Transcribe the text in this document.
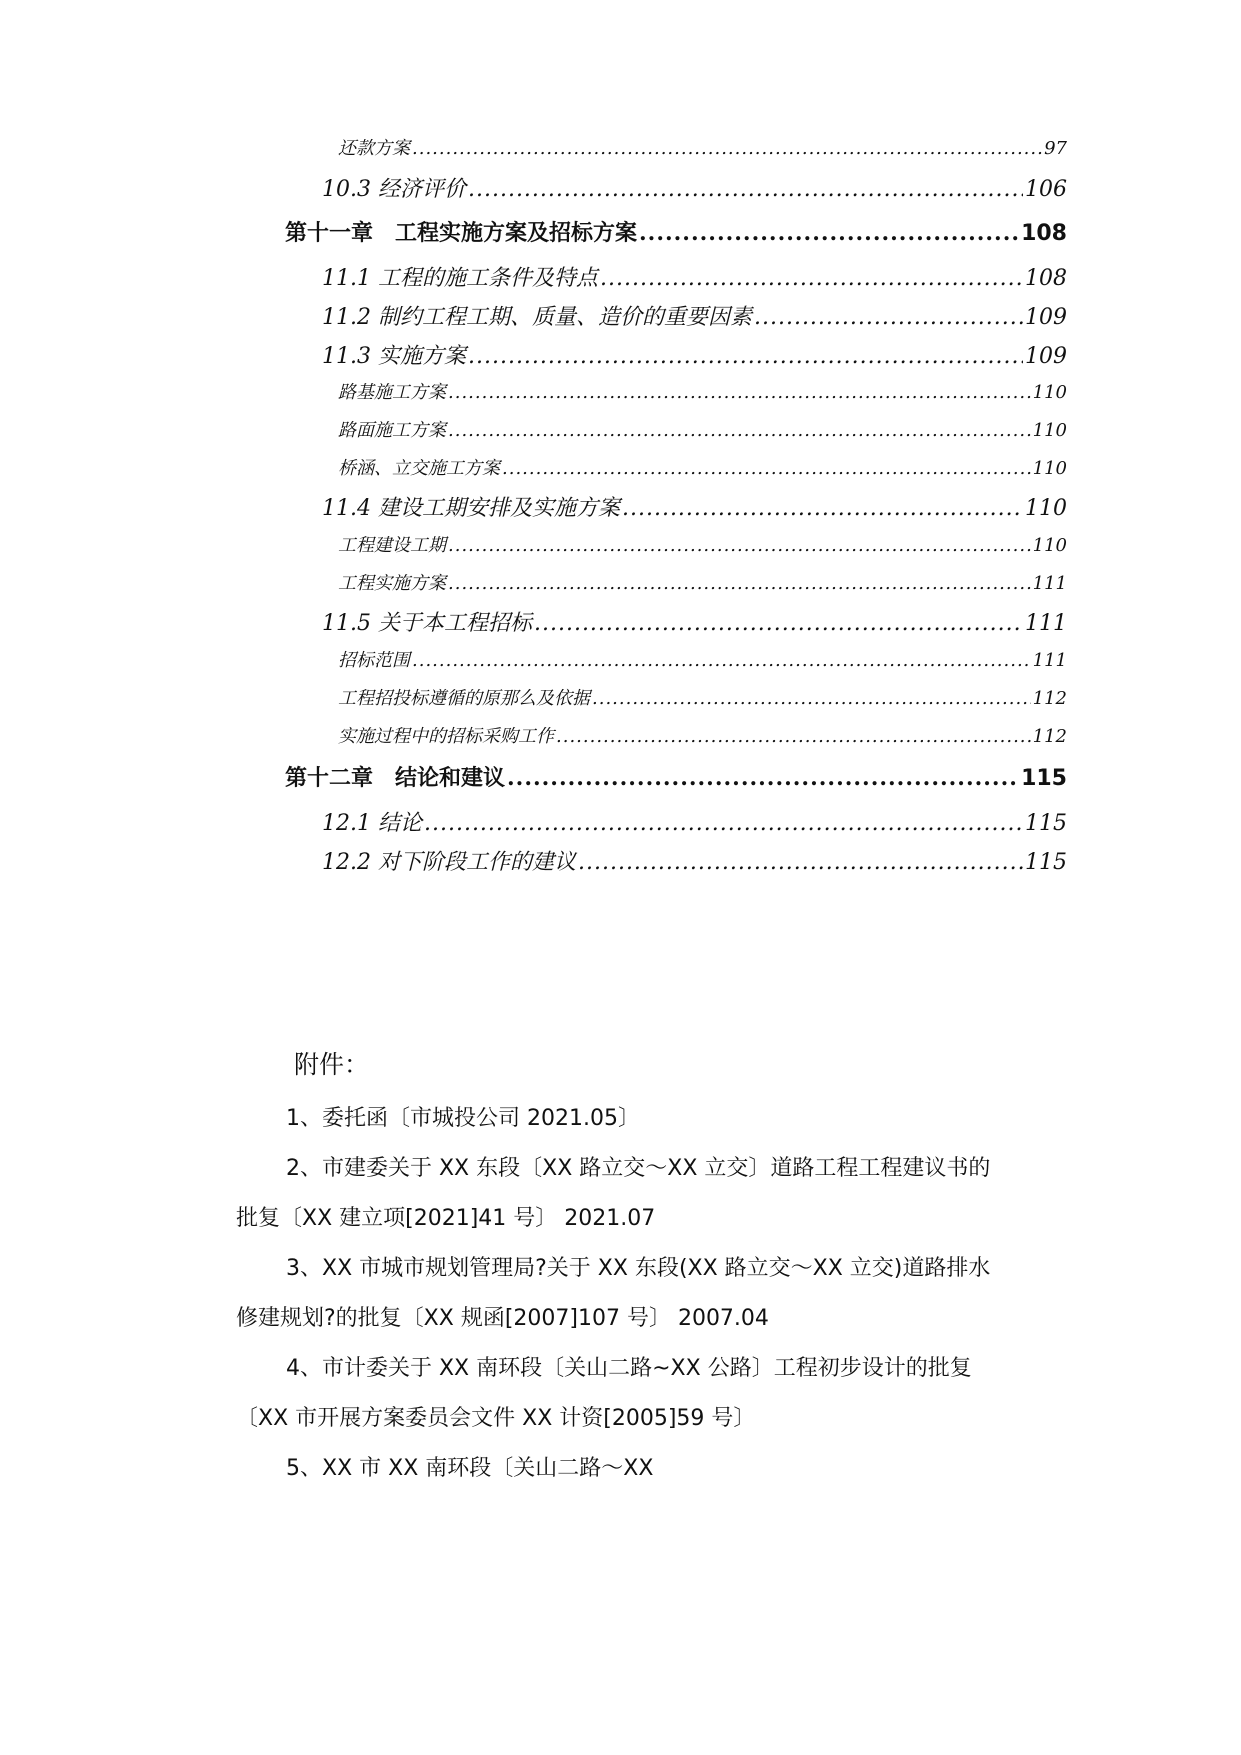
还款方案 .....	97
10.3 经济评价 .....	106
第十一章　工程实施方案及招标方案 .....	108
11.1 工程的施工条件及特点 .....	108
11.2 制约工程工期、质量、造价的重要因素 .....	109
11.3 实施方案 .....	109
路基施工方案 .....	110
路面施工方案 .....	110
桥涵、立交施工方案 .....	110
11.4 建设工期安排及实施方案 .....	110
工程建设工期 .....	110
工程实施方案 .....	111
11.5 关于本工程招标 .....	111
招标范围 .....	111
工程招投标遵循的原那么及依据 .....	112
实施过程中的招标采购工作 .....	112
第十二章　结论和建议 .....	115
12.1 结论 .....	115
12.2 对下阶段工作的建议 .....	115
附件：
1、委托函〔市城投公司 2021.05〕
2、市建委关于 XX 东段〔XX 路立交～XX 立交〕道路工程工程建议书的
批复〔XX 建立项[2021]41 号〕 2021.07
3、XX 市城市规划管理局?关于 XX 东段(XX 路立交～XX 立交)道路排水
修建规划?的批复〔XX 规函[2007]107 号〕 2007.04
4、市计委关于 XX 南环段〔关山二路~XX 公路〕工程初步设计的批复
〔XX 市开展方案委员会文件 XX 计资[2005]59 号〕
5、XX 市 XX 南环段〔关山二路～XX
